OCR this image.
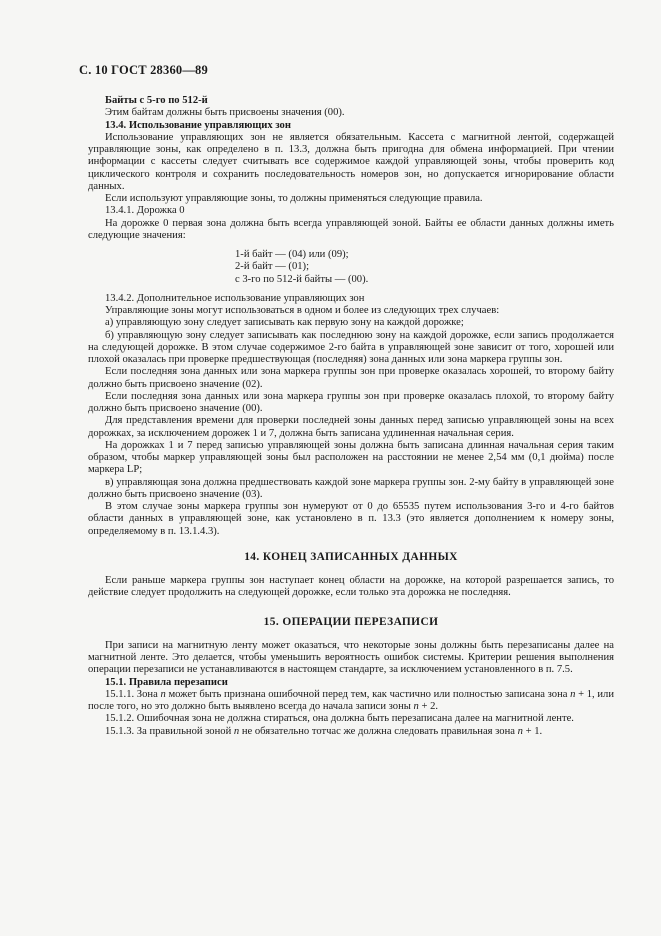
С. 10 ГОСТ 28360—89

Байты с 5-го по 512-й

Этим байтам должны быть присвоены значения (00).

13.4. Использование управляющих зон

Использование управляющих зон не является обязательным. Кассета с магнитной лентой, содержащей управляющие зоны, как определено в п. 13.3, должна быть пригодна для обмена информацией. При чтении информации с кассеты следует считывать все содержимое каждой управляющей зоны, чтобы проверить код циклического контроля и сохранить последовательность номеров зон, но допускается игнорирование области данных.

Если используют управляющие зоны, то должны применяться следующие правила.

13.4.1. Дорожка 0

На дорожке 0 первая зона должна быть всегда управляющей зоной. Байты ее области данных должны иметь следующие значения:

1-й байт — (04) или (09);
2-й байт — (01);
с 3-го по 512-й байты — (00).

13.4.2. Дополнительное использование управляющих зон

Управляющие зоны могут использоваться в одном и более из следующих трех случаев:

а) управляющую зону следует записывать как первую зону на каждой дорожке;

б) управляющую зону следует записывать как последнюю зону на каждой дорожке, если запись продолжается на следующей дорожке. В этом случае содержимое 2-го байта в управляющей зоне зависит от того, хорошей или плохой оказалась при проверке предшествующая (последняя) зона данных или зона маркера группы зон.

Если последняя зона данных или зона маркера группы зон при проверке оказалась хорошей, то второму байту должно быть присвоено значение (02).

Если последняя зона данных или зона маркера группы зон при проверке оказалась плохой, то второму байту должно быть присвоено значение (00).

Для представления времени для проверки последней зоны данных перед записью управляющей зоны на всех дорожках, за исключением дорожек 1 и 7, должна быть записана удлиненная начальная серия.

На дорожках 1 и 7 перед записью управляющей зоны должна быть записана длинная начальная серия таким образом, чтобы маркер управляющей зоны был расположен на расстоянии не менее 2,54 мм (0,1 дюйма) после маркера LP;

в) управляющая зона должна предшествовать каждой зоне маркера группы зон. 2-му байту в управляющей зоне должно быть присвоено значение (03).

В этом случае зоны маркера группы зон нумеруют от 0 до 65535 путем использования 3-го и 4-го байтов области данных в управляющей зоне, как установлено в п. 13.3 (это является дополнением к номеру зоны, определяемому в п. 13.1.4.3).

14. КОНЕЦ ЗАПИСАННЫХ ДАННЫХ

Если раньше маркера группы зон наступает конец области на дорожке, на которой разрешается запись, то действие следует продолжить на следующей дорожке, если только эта дорожка не последняя.

15. ОПЕРАЦИИ ПЕРЕЗАПИСИ

При записи на магнитную ленту может оказаться, что некоторые зоны должны быть перезаписаны далее на магнитной ленте. Это делается, чтобы уменьшить вероятность ошибок системы. Критерии решения выполнения операции перезаписи не устанавливаются в настоящем стандарте, за исключением установленного в п. 7.5.

15.1. Правила перезаписи

15.1.1. Зона n может быть признана ошибочной перед тем, как частично или полностью записана зона n + 1, или после того, но это должно быть выявлено всегда до начала записи зоны n + 2.

15.1.2. Ошибочная зона не должна стираться, она должна быть перезаписана далее на магнитной ленте.

15.1.3. За правильной зоной n не обязательно тотчас же должна следовать правильная зона n + 1.
